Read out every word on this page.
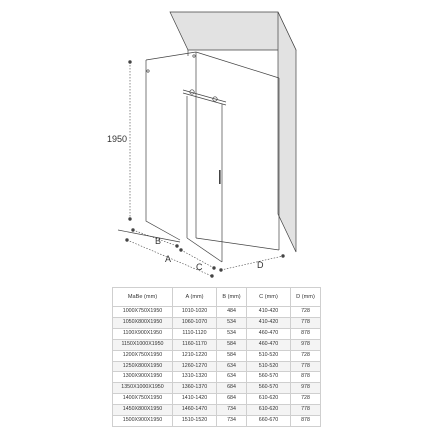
1950
B
A
C	D
MaBe (mm)	A (mm)	B (mm)	C (mm)	D (mm)
1000X750X1950	1010-1020	484	410-420	728
1050X800X1950	1060-1070	534	410-420	778
1100X900X1950	1110-1120	534	460-470	878
1150X1000X1950	1160-1170	584	460-470	978
1200X750X1950	1210-1220	584	510-520	728
1250X800X1950	1260-1270	634	510-520	778
1300X900X1950	1310-1320	634	560-570	878
1350X1000X1950	1360-1370	684	560-570	978
1400X750X1950	1410-1420	684	610-620	728
1450X800X1950	1460-1470	734	610-620	778
1500X900X1950	1510-1520	734	660-670	878
